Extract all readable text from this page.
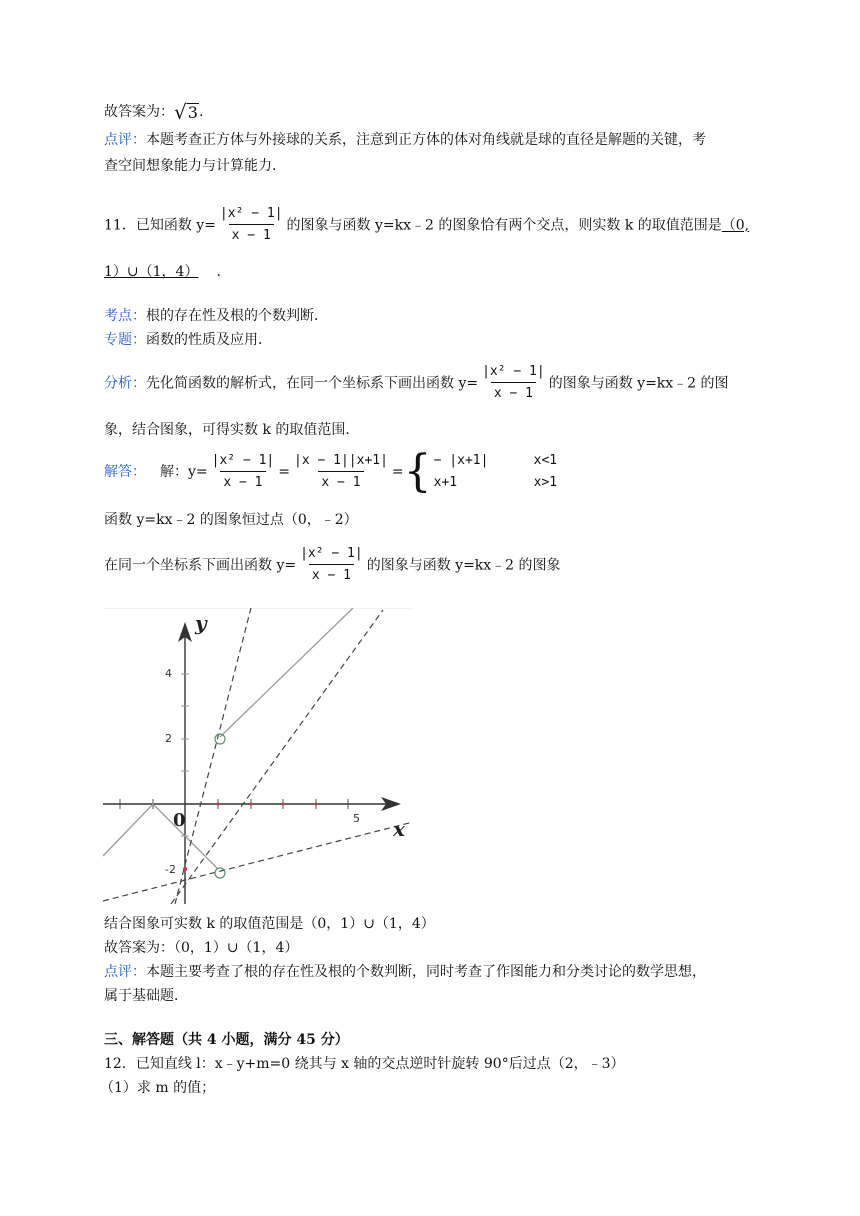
故答案为： √ 3 .
点评：本题考查正方体与外接球的关系，注意到正方体的体对角线就是球的直径是解题的关键，考
查空间想象能力与计算能力．
11．已知函数 $y= \frac{\text{|x² − 1|}}{x - 1}$ 的图象与函数 y=kx﹣2 的图象恰有两个交点，则实数 k 的取值范围是（0,
1）∪（1，4） ．
考点：根的存在性及根的个数判断．
专题：函数的性质及应用．
分析：先化简函数的解析式，在同一个坐标系下画出函数 $y= \frac{\text{|x² − 1|}}{x - 1}$ 的图象与函数 y=kx﹣2 的图
象，结合图象，可得实数 k 的取值范围．
解答： 解：$y= \frac{\text{|x² − 1|}}{x - 1} = \frac{|x - 1||x+1|}{x - 1}$ = { − |x+1|	x<1
x+1	x>1
函数 y=kx﹣2 的图象恒过点（0，﹣2）
在同一个坐标系下画出函数 $y= \frac{\text{|x² − 1|}}{x - 1}$ 的图象与函数 y=kx﹣2 的图象
y
x
0
4
2
-2
5
结合图象可实数 k 的取值范围是（0，1）∪（1，4）
故答案为：（0，1）∪（1，4）
点评：本题主要考查了根的存在性及根的个数判断，同时考查了作图能力和分类讨论的数学思想，
属于基础题．
三、解答题（共 4 小题，满分 45 分）
12．已知直线 l：x﹣y+m=0 绕其与 x 轴的交点逆时针旋转 90°后过点（2，﹣3）
（1）求 m 的值；
